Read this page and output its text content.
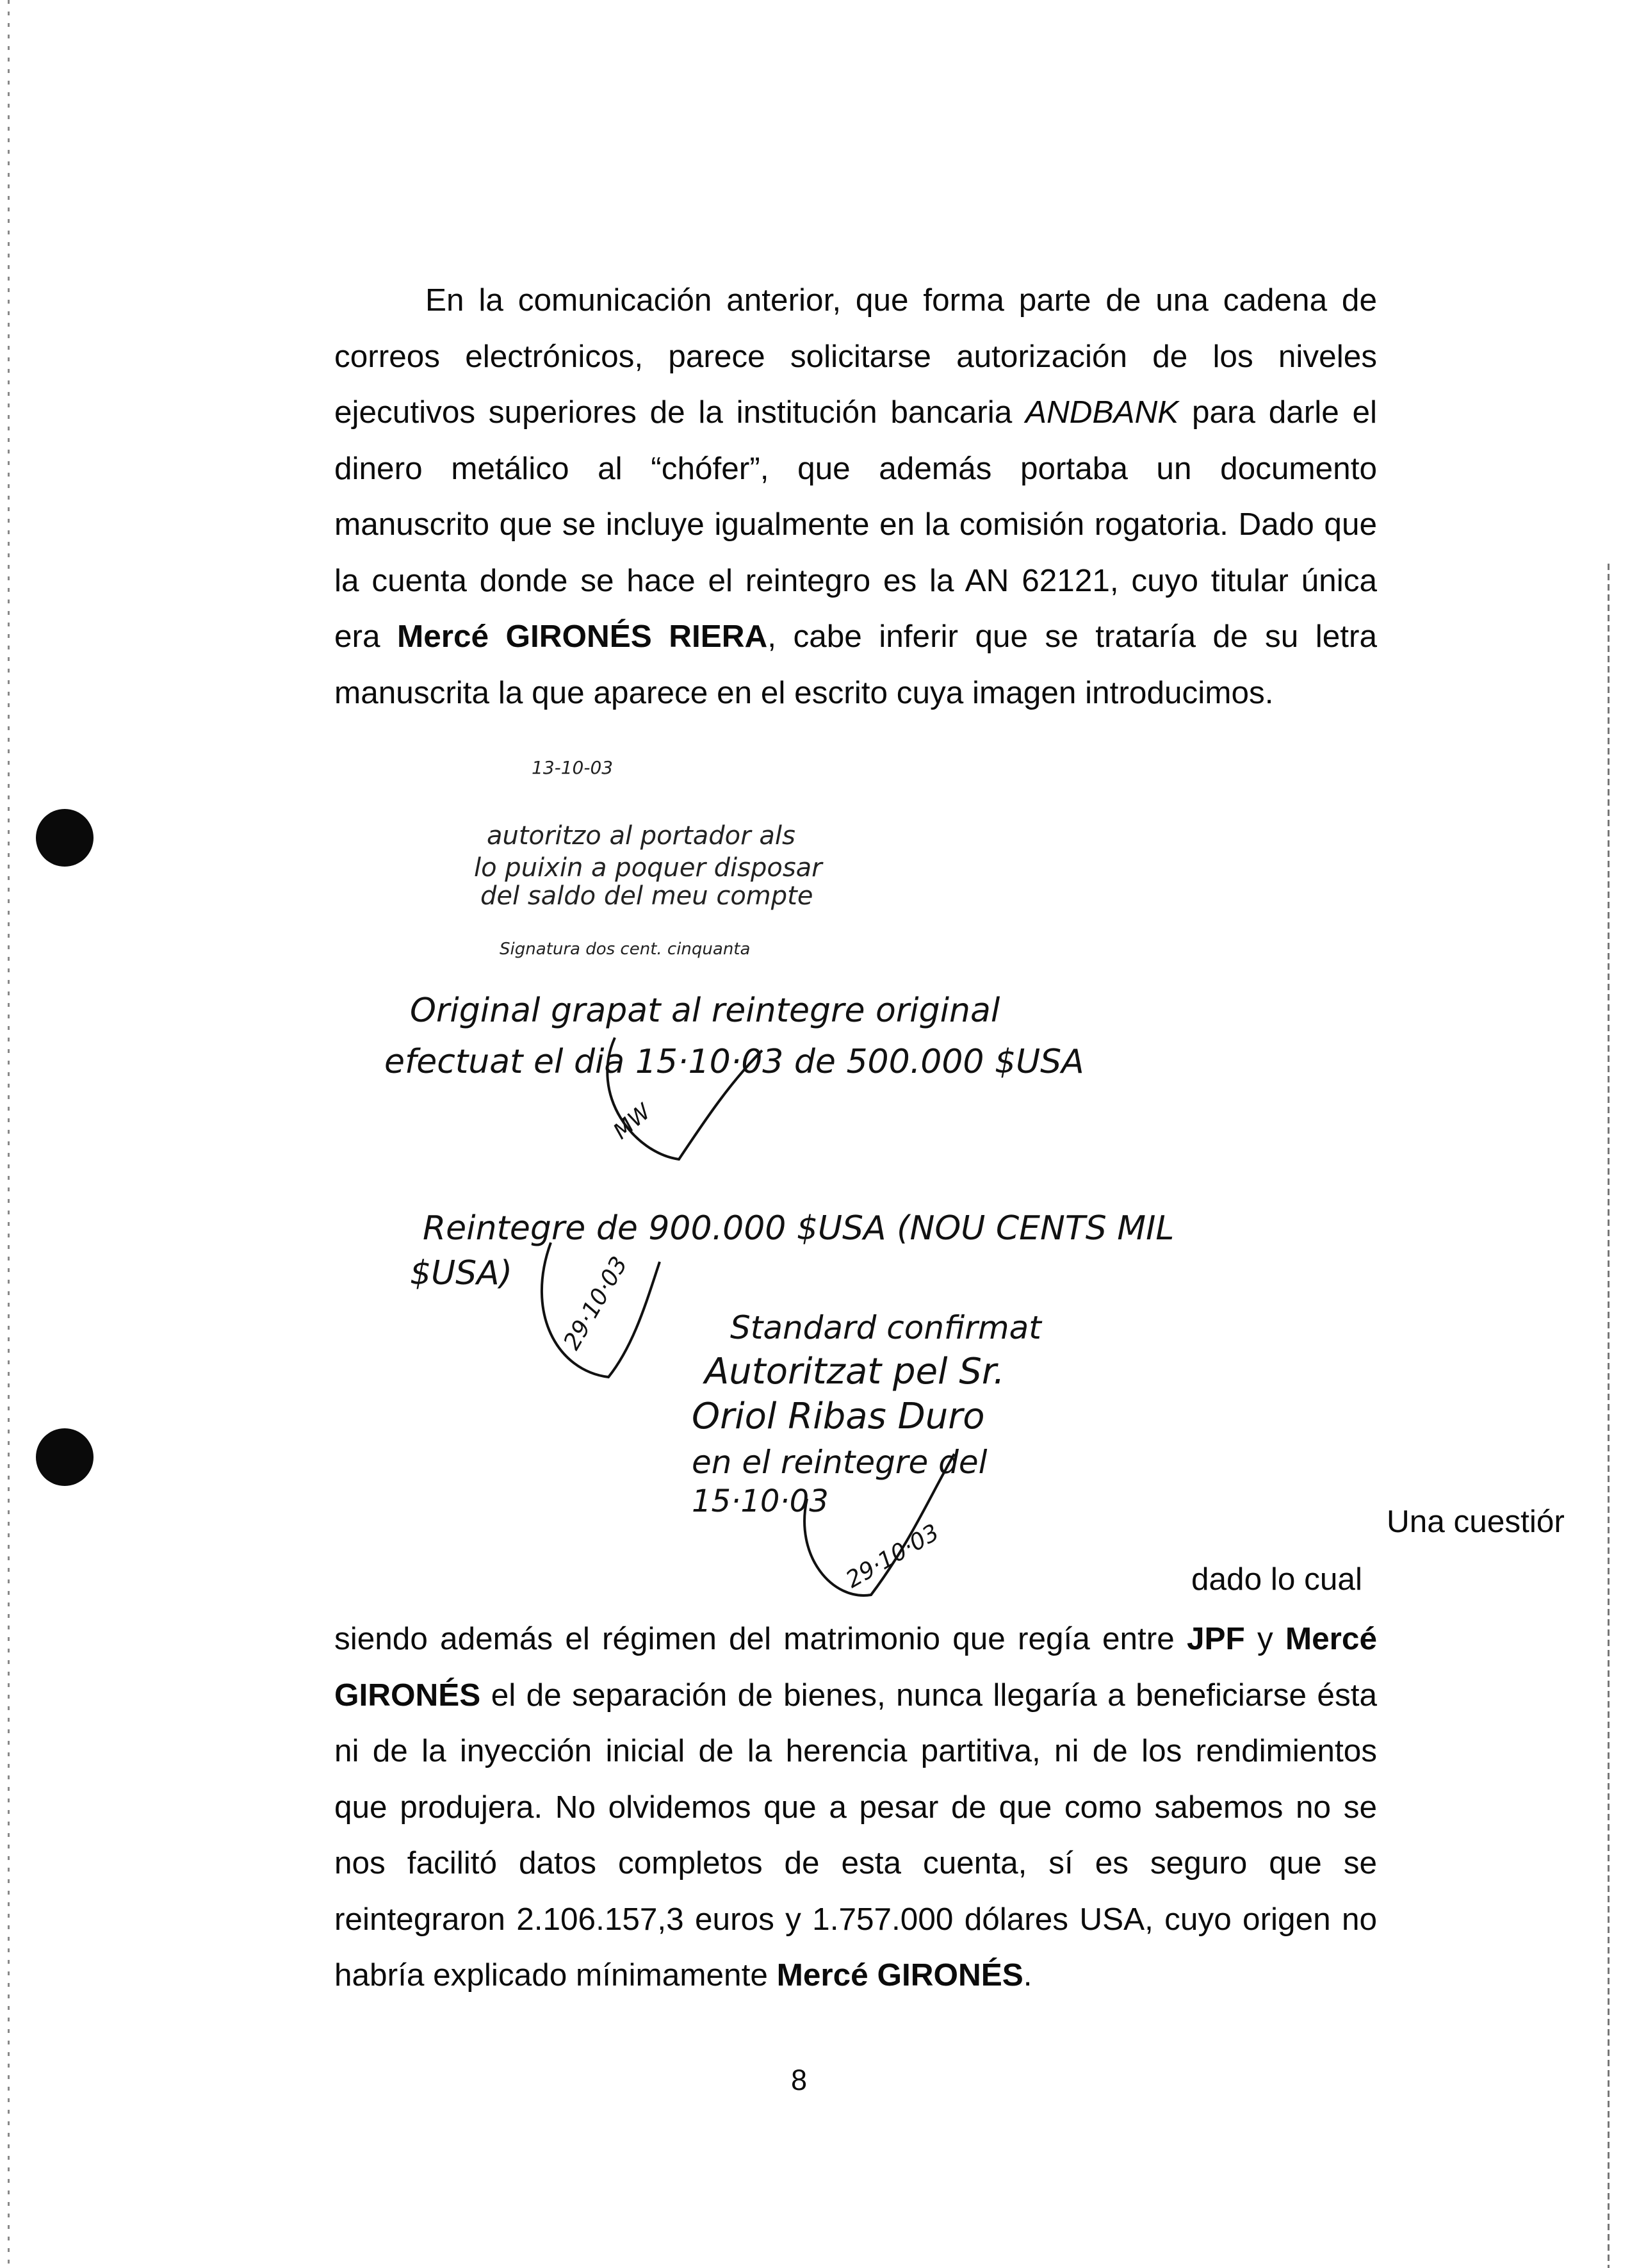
En la comunicación anterior, que forma parte de una cadena de correos electrónicos, parece solicitarse autorización de los niveles ejecutivos superiores de la institución bancaria ANDBANK para darle el dinero metálico al “chófer”, que además portaba un documento manuscrito que se incluye igualmente en la comisión rogatoria. Dado que la cuenta donde se hace el reintegro es la AN 62121, cuyo titular única era Mercé GIRONÉS RIERA, cabe inferir que se trataría de su letra manuscrita la que aparece en el escrito cuya imagen introducimos.

13-10-03
autoritzo al portador als
lo puixin a poquer disposar
del saldo del meu compte
Signatura dos cent. cinquanta
Original grapat al reintegre original
efectuat el dia 15·10·03 de 500.000 $USA
Reintegre de 900.000 $USA (NOU CENTS MIL
$USA)
Standard confirmat
Autoritzat pel Sr.
Oriol Ribas Duro
en el reintegre del
15·10·03
MW
29·10·03
29·10·03	Una cuestiór
dado lo cual

siendo además el régimen del matrimonio que regía entre JPF y Mercé GIRONÉS el de separación de bienes, nunca llegaría a beneficiarse ésta ni de la inyección inicial de la herencia partitiva, ni de los rendimientos que produjera. No olvidemos que a pesar de que como sabemos no se nos facilitó datos completos de esta cuenta, sí es seguro que se reintegraron 2.106.157,3 euros y 1.757.000 dólares USA, cuyo origen no habría explicado mínimamente Mercé GIRONÉS.

8
